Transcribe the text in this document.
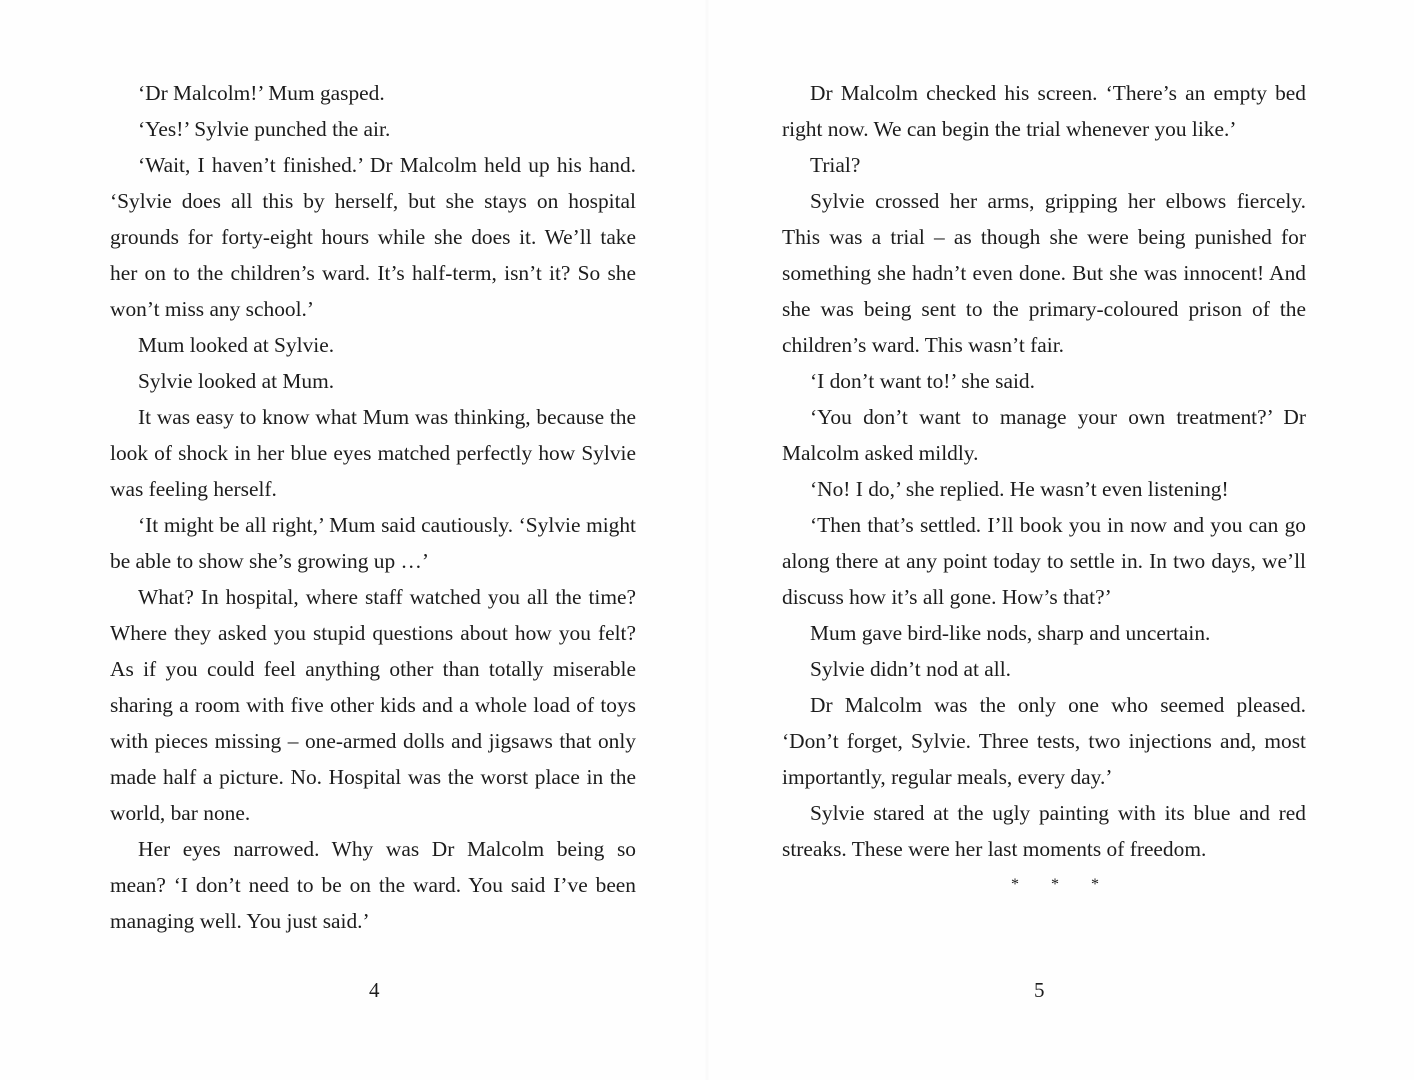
‘Dr Malcolm!’ Mum gasped.

‘Yes!’ Sylvie punched the air.

‘Wait, I haven’t finished.’ Dr Malcolm held up his hand. ‘Sylvie does all this by herself, but she stays on hospital grounds for forty-eight hours while she does it. We’ll take her on to the children’s ward. It’s half-term, isn’t it? So she won’t miss any school.’

Mum looked at Sylvie.

Sylvie looked at Mum.

It was easy to know what Mum was thinking, because the look of shock in her blue eyes matched perfectly how Sylvie was feeling herself.

‘It might be all right,’ Mum said cautiously. ‘Sylvie might be able to show she’s growing up …’

What? In hospital, where staff watched you all the time? Where they asked you stupid questions about how you felt? As if you could feel anything other than totally miserable sharing a room with five other kids and a whole load of toys with pieces missing – one-armed dolls and jigsaws that only made half a picture. No. Hospital was the worst place in the world, bar none.

Her eyes narrowed. Why was Dr Malcolm being so mean? ‘I don’t need to be on the ward. You said I’ve been managing well. You just said.’

4

Dr Malcolm checked his screen. ‘There’s an empty bed right now. We can begin the trial whenever you like.’

Trial?

Sylvie crossed her arms, gripping her elbows fiercely. This was a trial – as though she were being punished for something she hadn’t even done. But she was innocent! And she was being sent to the primary-coloured prison of the children’s ward. This wasn’t fair.

‘I don’t want to!’ she said.

‘You don’t want to manage your own treatment?’ Dr Malcolm asked mildly.

‘No! I do,’ she replied. He wasn’t even listening!

‘Then that’s settled. I’ll book you in now and you can go along there at any point today to settle in. In two days, we’ll discuss how it’s all gone. How’s that?’

Mum gave bird-like nods, sharp and uncertain.

Sylvie didn’t nod at all.

Dr Malcolm was the only one who seemed pleased. ‘Don’t forget, Sylvie. Three tests, two injections and, most importantly, regular meals, every day.’

Sylvie stared at the ugly painting with its blue and red streaks. These were her last moments of freedom.

* * *
5
